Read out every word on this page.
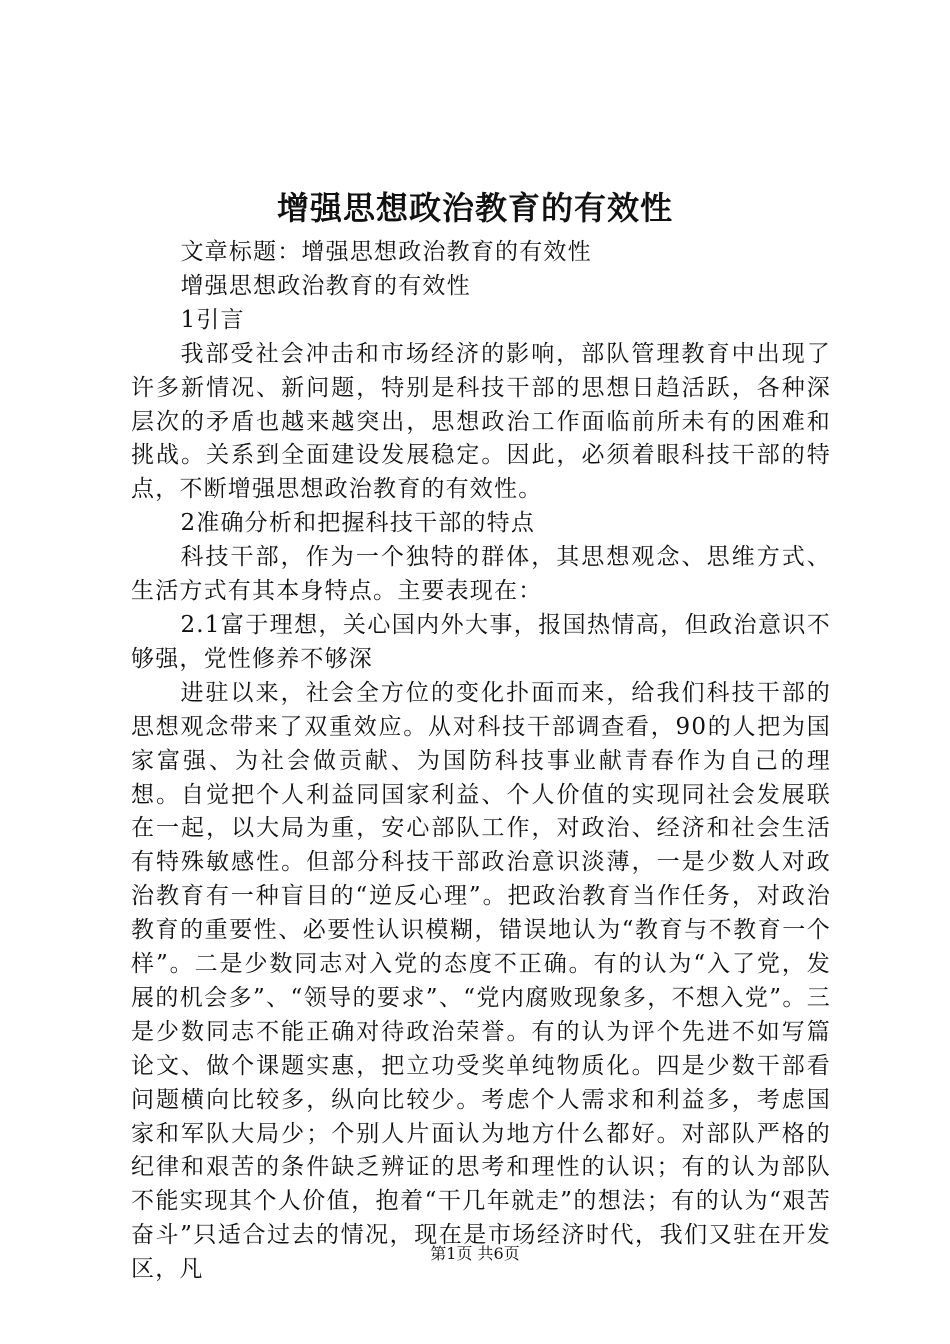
增强思想政治教育的有效性

文章标题：增强思想政治教育的有效性

增强思想政治教育的有效性

1引言

我部受社会冲击和市场经济的影响，部队管理教育中出现了许多新情况、新问题，特别是科技干部的思想日趋活跃，各种深层次的矛盾也越来越突出，思想政治工作面临前所未有的困难和挑战。关系到全面建设发展稳定。因此，必须着眼科技干部的特点，不断增强思想政治教育的有效性。

2准确分析和把握科技干部的特点

科技干部，作为一个独特的群体，其思想观念、思维方式、生活方式有其本身特点。主要表现在：

2.1富于理想，关心国内外大事，报国热情高，但政治意识不够强，党性修养不够深

进驻以来，社会全方位的变化扑面而来，给我们科技干部的思想观念带来了双重效应。从对科技干部调查看，90的人把为国家富强、为社会做贡献、为国防科技事业献青春作为自己的理想。自觉把个人利益同国家利益、个人价值的实现同社会发展联在一起，以大局为重，安心部队工作，对政治、经济和社会生活有特殊敏感性。但部分科技干部政治意识淡薄，一是少数人对政治教育有一种盲目的“逆反心理”。把政治教育当作任务，对政治教育的重要性、必要性认识模糊，错误地认为“教育与不教育一个样”。二是少数同志对入党的态度不正确。有的认为“入了党，发展的机会多”、“领导的要求”、“党内腐败现象多，不想入党”。三是少数同志不能正确对待政治荣誉。有的认为评个先进不如写篇论文、做个课题实惠，把立功受奖单纯物质化。四是少数干部看问题横向比较多，纵向比较少。考虑个人需求和利益多，考虑国家和军队大局少；个别人片面认为地方什么都好。对部队严格的纪律和艰苦的条件缺乏辨证的思考和理性的认识；有的认为部队不能实现其个人价值，抱着“干几年就走”的想法；有的认为“艰苦奋斗”只适合过去的情况，现在是市场经济时代，我们又驻在开发区，凡

第1页 共6页
